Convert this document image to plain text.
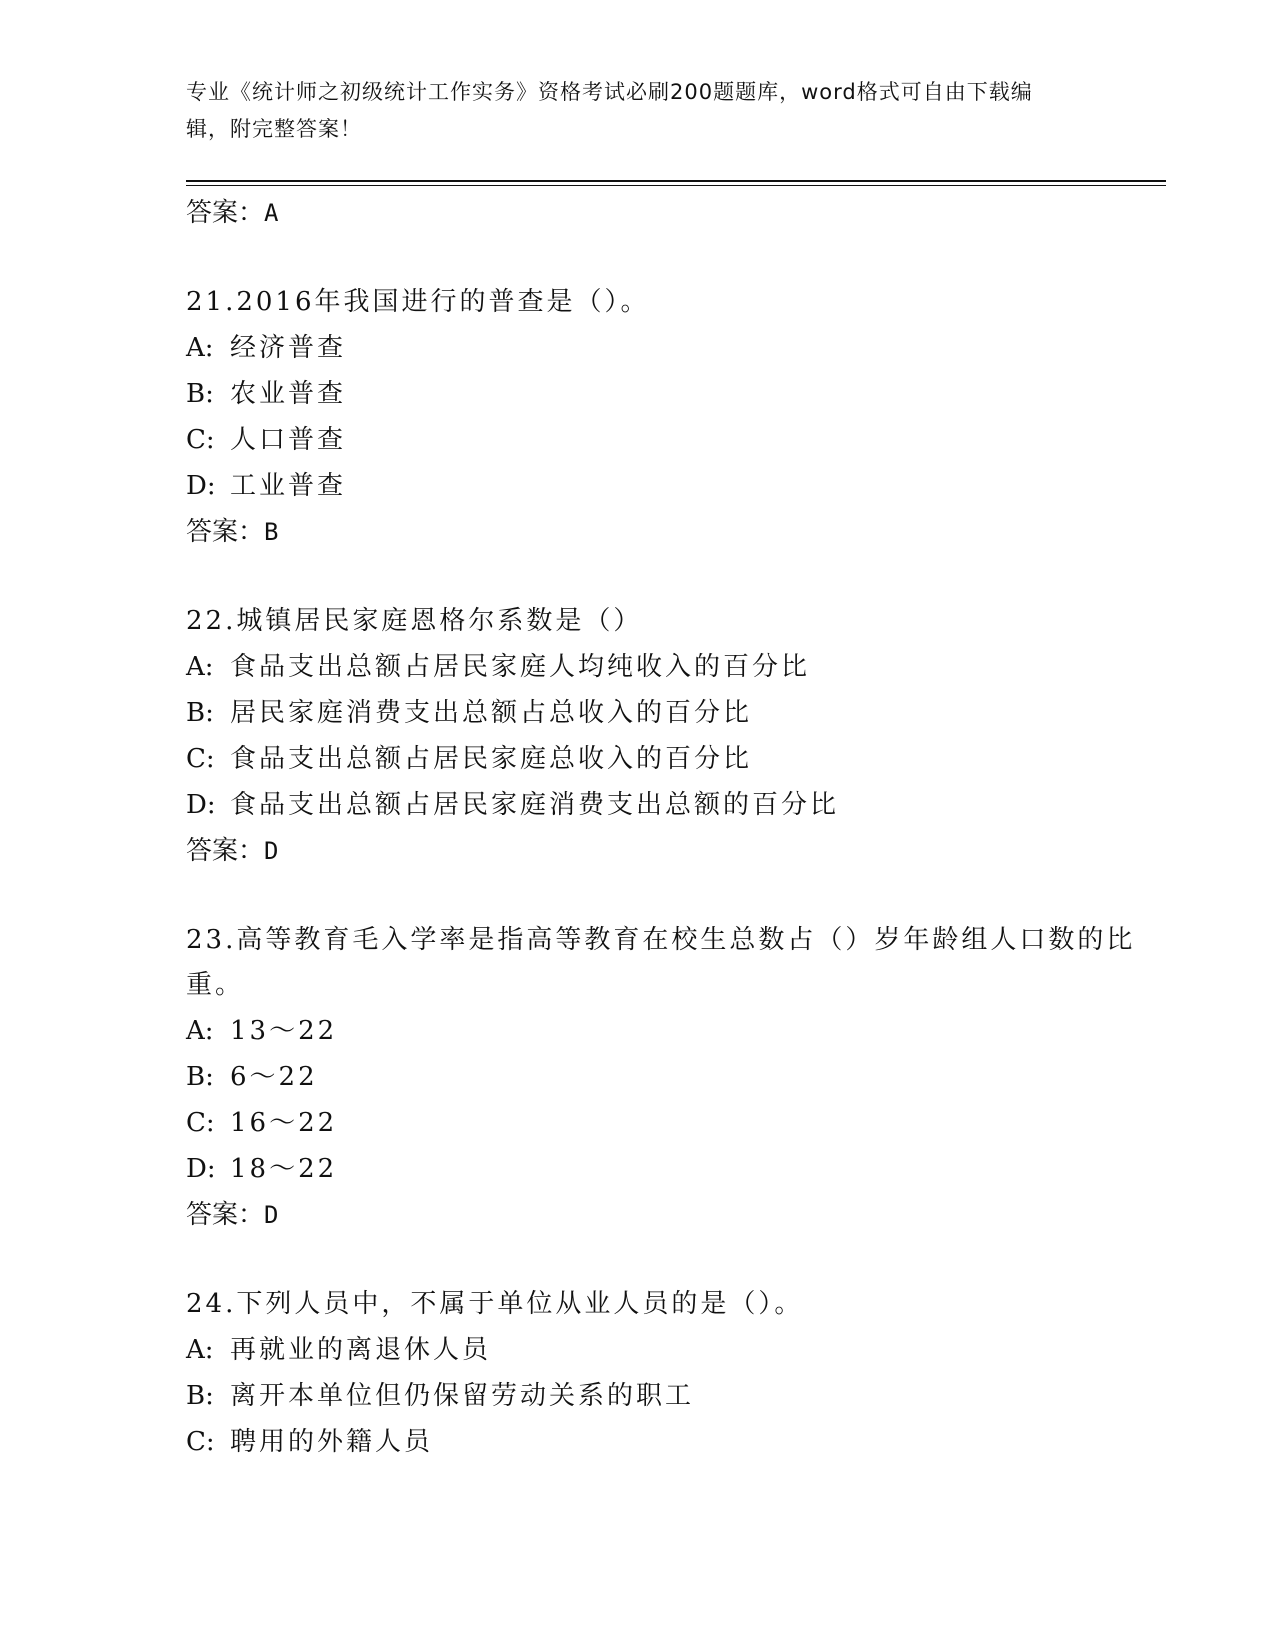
专业《统计师之初级统计工作实务》资格考试必刷200题题库，word格式可自由下载编辑，附完整答案！
答案：A
21.2016年我国进行的普查是（）。
A: 经济普查
B: 农业普查
C: 人口普查
D: 工业普查
答案：B
22.城镇居民家庭恩格尔系数是（）
A: 食品支出总额占居民家庭人均纯收入的百分比
B: 居民家庭消费支出总额占总收入的百分比
C: 食品支出总额占居民家庭总收入的百分比
D: 食品支出总额占居民家庭消费支出总额的百分比
答案：D
23.高等教育毛入学率是指高等教育在校生总数占（）岁年龄组人口数的比重。
A: 13～22
B: 6～22
C: 16～22
D: 18～22
答案：D
24.下列人员中，不属于单位从业人员的是（）。
A: 再就业的离退休人员
B: 离开本单位但仍保留劳动关系的职工
C: 聘用的外籍人员
